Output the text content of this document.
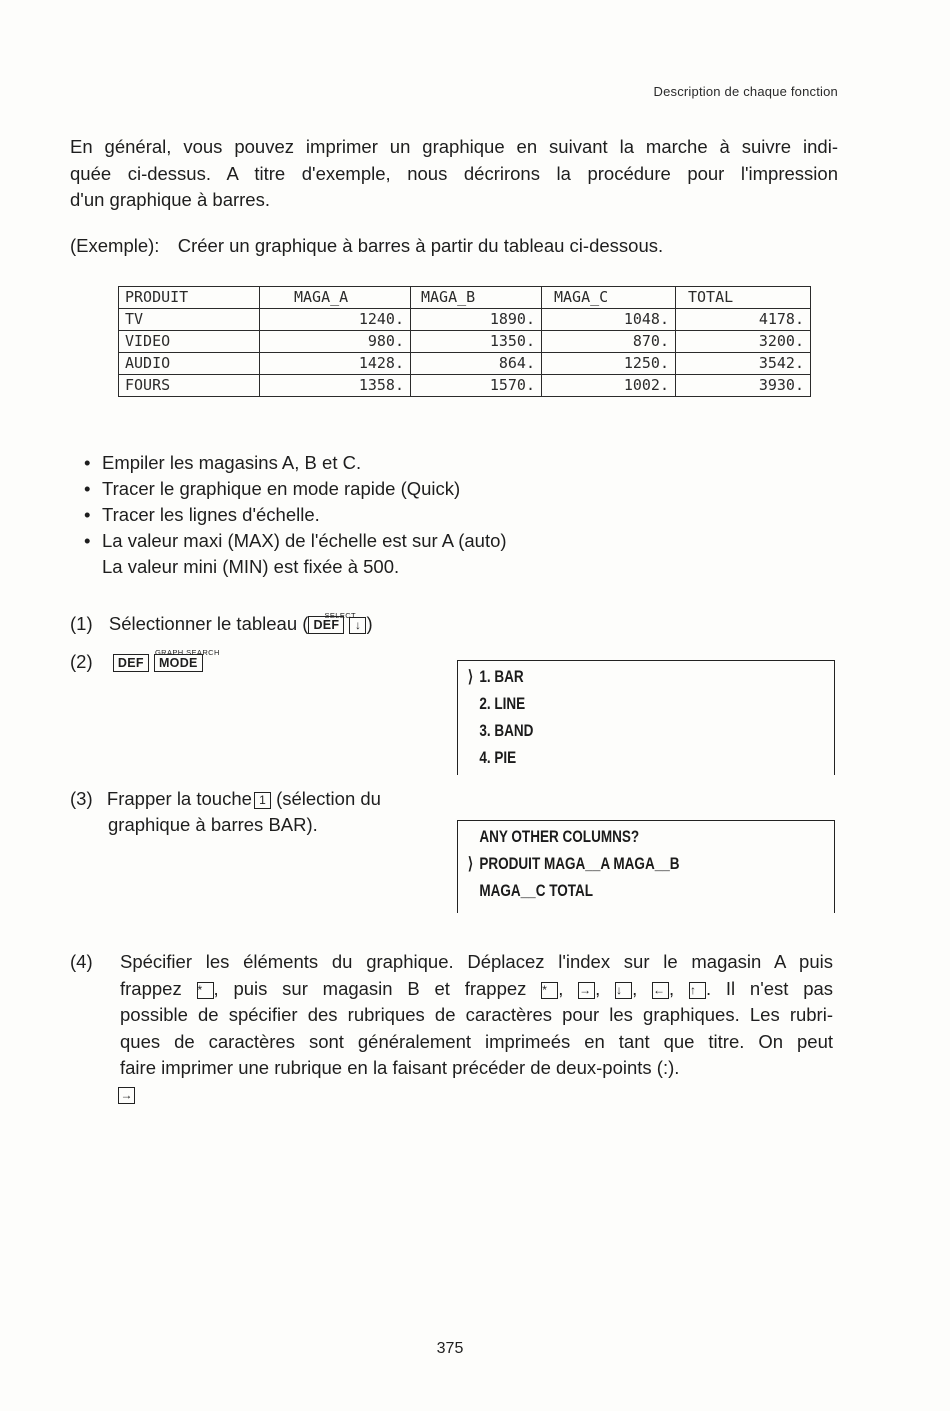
Description de chaque fonction
En général, vous pouvez imprimer un graphique en suivant la marche à suivre indi-
quée ci-dessus. A titre d'exemple, nous décrirons la procédure pour l'impression
d'un graphique à barres.
(Exemple): Créer un graphique à barres à partir du tableau ci-dessous.
PRODUIT	MAGA_A	MAGA_B	MAGA_C	TOTAL
TV	1240.	1890.	1048.	4178.
VIDEO	980.	1350.	870.	3200.
AUDIO	1428.	864.	1250.	3542.
FOURS	1358.	1570.	1002.	3930.
• Empiler les magasins A, B et C.
• Tracer le graphique en mode rapide (Quick)
• Tracer les lignes d'échelle.
• La valeur maxi (MAX) de l'échelle est sur A (auto)
La valeur mini (MIN) est fixée à 500.
(1) Sélectionner le tableau ( SELECT
DEF ↓ )
(2) DEF
GRAPH SEARCH
MODE
⟩ 1. BAR
2. LINE
3. BAND
4. PIE
(3) Frapper la touche 1 (sélection du
graphique à barres BAR).
ANY OTHER COLUMNS?
⟩ PRODUIT MAGA__A MAGA__B
MAGA__C TOTAL
(4) Spécifier les éléments du graphique. Déplacez l'index sur le magasin A puis
frappez * , puis sur magasin B et frappez * , → , ↓ , ← , ↑ . Il n'est pas
possible de spécifier des rubriques de caractères pour les graphiques. Les rubri-
ques de caractères sont généralement imprimeés en tant que titre. On peut
faire imprimer une rubrique en la faisant précéder de deux-points (:).
→
375
